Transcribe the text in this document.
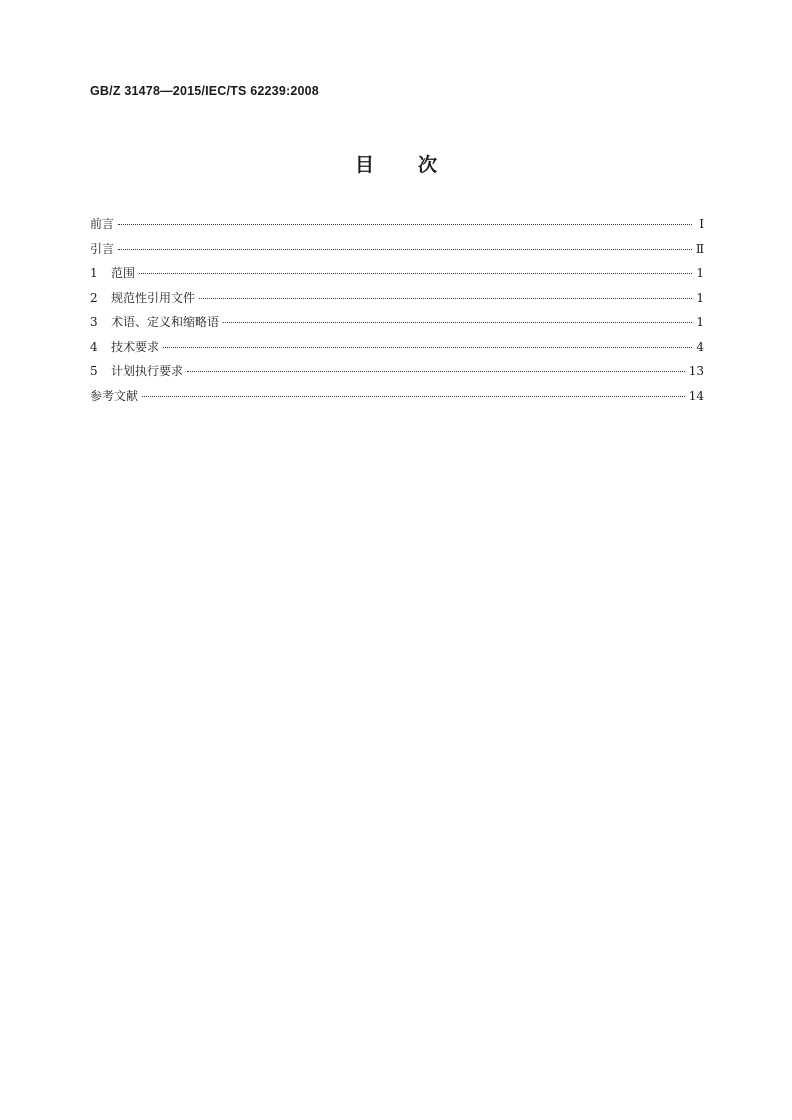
GB/Z 31478—2015/IEC/TS 62239:2008
目 次
前言	Ⅰ
引言	Ⅱ
1	范围	1
2	规范性引用文件	1
3	术语、定义和缩略语	1
4	技术要求	4
5	计划执行要求	13
参考文献	14
